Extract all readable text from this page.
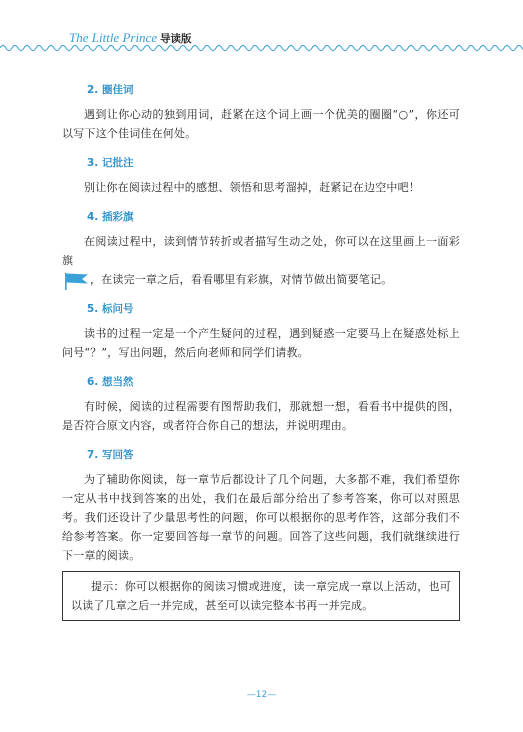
The Little Prince 导读版
2. 圈佳词

遇到让你心动的独到用词，赶紧在这个词上画一个优美的圈圈“○”，你还可以写下这个佳词佳在何处。

3. 记批注

别让你在阅读过程中的感想、领悟和思考溜掉，赶紧记在边空中吧！

4. 插彩旗

在阅读过程中，读到情节转折或者描写生动之处，你可以在这里画上一面彩旗

，在读完一章之后，看看哪里有彩旗，对情节做出简要笔记。

5. 标问号

读书的过程一定是一个产生疑问的过程，遇到疑惑一定要马上在疑惑处标上问号“？”，写出问题，然后向老师和同学们请教。

6. 想当然

有时候，阅读的过程需要有图帮助我们，那就想一想，看看书中提供的图，是否符合原文内容，或者符合你自己的想法，并说明理由。

7. 写回答

为了辅助你阅读，每一章节后都设计了几个问题，大多都不难，我们希望你一定从书中找到答案的出处，我们在最后部分给出了参考答案，你可以对照思考。我们还设计了少量思考性的问题，你可以根据你的思考作答，这部分我们不给参考答案。你一定要回答每一章节的问题。回答了这些问题，我们就继续进行下一章的阅读。

提示：你可以根据你的阅读习惯或进度，读一章完成一章以上活动，也可以读了几章之后一并完成，甚至可以读完整本书再一并完成。

—12—
